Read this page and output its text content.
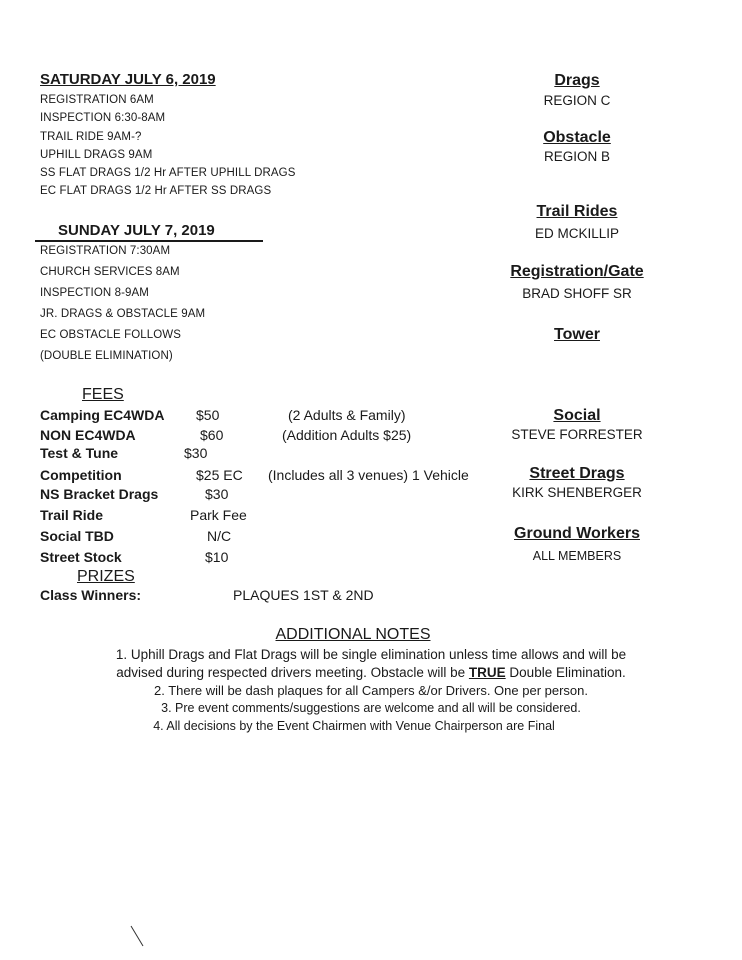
SATURDAY JULY 6, 2019
REGISTRATION 6AM
INSPECTION 6:30-8AM
TRAIL RIDE 9AM-?
UPHILL DRAGS 9AM
SS FLAT DRAGS 1/2 Hr AFTER UPHILL DRAGS
EC FLAT DRAGS 1/2 Hr AFTER SS DRAGS
SUNDAY JULY 7, 2019
REGISTRATION 7:30AM
CHURCH SERVICES 8AM
INSPECTION 8-9AM
JR. DRAGS & OBSTACLE 9AM
EC OBSTACLE FOLLOWS
(DOUBLE ELIMINATION)
FEES
Camping EC4WDA $50	(2 Adults & Family)
NON EC4WDA	$60	(Addition Adults $25)
Test & Tune	$30
Competition	$25 EC (Includes all 3 venues) 1 Vehicle
NS Bracket Drags	$30
Trail Ride	Park Fee
Social TBD	N/C
Street Stock	$10
PRIZES
Class Winners:	PLAQUES 1ST & 2ND
Drags
REGION C
Obstacle
REGION B
Trail Rides
ED MCKILLIP
Registration/Gate
BRAD SHOFF SR
Tower
Social
STEVE FORRESTER
Street Drags
KIRK SHENBERGER
Ground Workers
ALL MEMBERS
ADDITIONAL NOTES
1. Uphill Drags and Flat Drags will be single elimination unless time allows and will be
advised during respected drivers meeting. Obstacle will be TRUE Double Elimination.
2. There will be dash plaques for all Campers &/or Drivers. One per person.
3. Pre event comments/suggestions are welcome and all will be considered.
4. All decisions by the Event Chairmen with Venue Chairperson are Final
